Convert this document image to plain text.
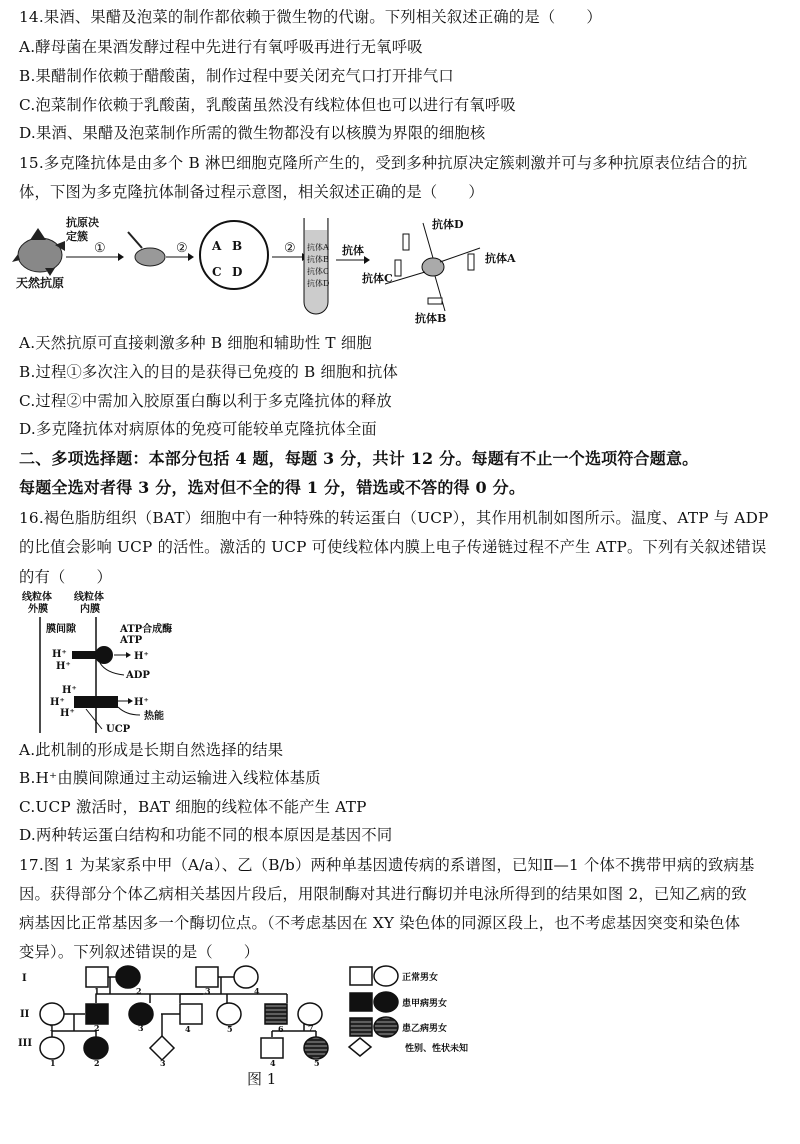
14.果酒、果醋及泡菜的制作都依赖于微生物的代谢。下列相关叙述正确的是（　　）
A.酵母菌在果酒发酵过程中先进行有氧呼吸再进行无氧呼吸
B.果醋制作依赖于醋酸菌，制作过程中要关闭充气口打开排气口
C.泡菜制作依赖于乳酸菌，乳酸菌虽然没有线粒体但也可以进行有氧呼吸
D.果酒、果醋及泡菜制作所需的微生物都没有以核膜为界限的细胞核
15.多克隆抗体是由多个 B 淋巴细胞克隆所产生的，受到多种抗原决定簇刺激并可与多种抗原表位结合的抗
体，下图为多克隆抗体制备过程示意图，相关叙述正确的是（　　）
抗原决
定簇
天然抗原
①	② A B
C D
② 抗体A
抗体B
抗体C
抗体D
抗体
抗体D
抗体A
抗体C
抗体B
A.天然抗原可直接刺激多种 B 细胞和辅助性 T 细胞
B.过程①多次注入的目的是获得已免疫的 B 细胞和抗体
C.过程②中需加入胶原蛋白酶以利于多克隆抗体的释放
D.多克隆抗体对病原体的免疫可能较单克隆抗体全面
二、多项选择题：本部分包括 4 题，每题 3 分，共计 12 分。每题有不止一个选项符合题意。
每题全选对者得 3 分，选对但不全的得 1 分，错选或不答的得 0 分。
16.褐色脂肪组织（BAT）细胞中有一种特殊的转运蛋白（UCP），其作用机制如图所示。温度、ATP 与 ADP
的比值会影响 UCP 的活性。激活的 UCP 可使线粒体内膜上电子传递链过程不产生 ATP。下列有关叙述错误
的有（　　）
线粒体
外膜
线粒体
内膜
膜间隙	ATP合成酶
ATP
H⁺
H⁺
H⁺
ADP
H⁺
H⁺
H⁺
H⁺
热能
UCP
A.此机制的形成是长期自然选择的结果
B.H⁺由膜间隙通过主动运输进入线粒体基质
C.UCP 激活时，BAT 细胞的线粒体不能产生 ATP
D.两种转运蛋白结构和功能不同的根本原因是基因不同
17.图 1 为某家系中甲（A/a）、乙（B/b）两种单基因遗传病的系谱图，已知Ⅱ—1 个体不携带甲病的致病基
因。获得部分个体乙病相关基因片段后，用限制酶对其进行酶切并电泳所得到的结果如图 2，已知乙病的致
病基因比正常基因多一个酶切位点。（不考虑基因在 XY 染色体的同源区段上，也不考虑基因突变和染色体
变异）。下列叙述错误的是（　　）
I
II
III
1	2	3	4
1	2	3	4	5	6	7
1	2	3	4	5
正常男女
患甲病男女
患乙病男女
性别、性状未知
图 1
